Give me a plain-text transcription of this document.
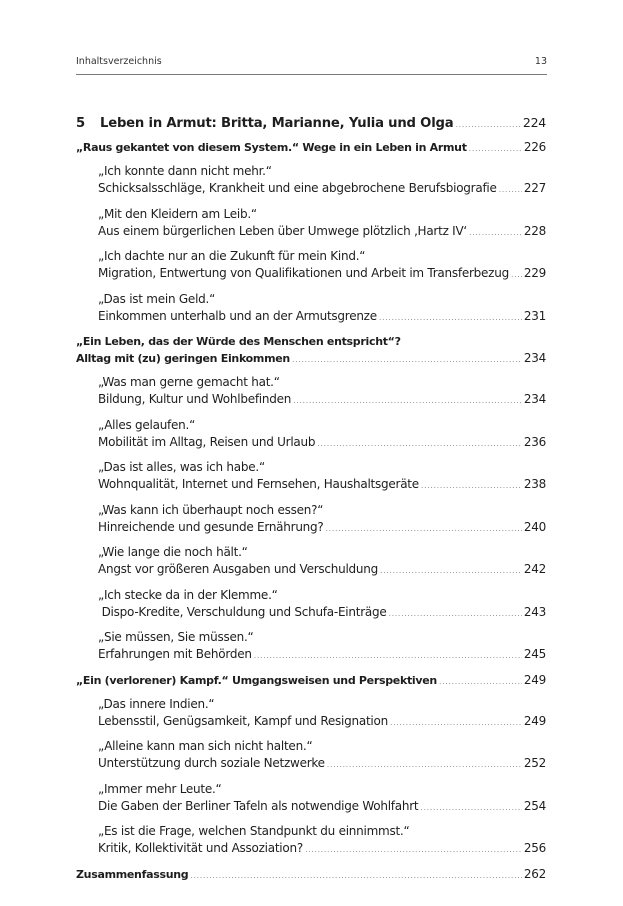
Inhaltsverzeichnis	13
5 Leben in Armut: Britta, Marianne, Yulia und Olga .....	224
„Raus gekantet von diesem System.“ Wege in ein Leben in Armut .....	226
„Ich konnte dann nicht mehr.“
Schicksalsschläge, Krankheit und eine abgebrochene Berufsbiografie ..... 227
„Mit den Kleidern am Leib.“
Aus einem bürgerlichen Leben über Umwege plötzlich ‚Hartz IV‘ .....	228
„Ich dachte nur an die Zukunft für mein Kind.“
Migration, Entwertung von Qualifikationen und Arbeit im Transferbezug ..... 229
„Das ist mein Geld.“
Einkommen unterhalb und an der Armutsgrenze .....	231
„Ein Leben, das der Würde des Menschen entspricht“?
Alltag mit (zu) geringen Einkommen .....	234
„Was man gerne gemacht hat.“
Bildung, Kultur und Wohlbefinden .....	234
„Alles gelaufen.“
Mobilität im Alltag, Reisen und Urlaub .....	236
„Das ist alles, was ich habe.“
Wohnqualität, Internet und Fernsehen, Haushaltsgeräte .....	238
„Was kann ich überhaupt noch essen?“
Hinreichende und gesunde Ernährung? .....	240
„Wie lange die noch hält.“
Angst vor größeren Ausgaben und Verschuldung .....	242
„Ich stecke da in der Klemme.“
Dispo-Kredite, Verschuldung und Schufa-Einträge .....	243
„Sie müssen, Sie müssen.“
Erfahrungen mit Behörden .....	245
„Ein (verlorener) Kampf.“ Umgangsweisen und Perspektiven .....	249
„Das innere Indien.“
Lebensstil, Genügsamkeit, Kampf und Resignation .....	249
„Alleine kann man sich nicht halten.“
Unterstützung durch soziale Netzwerke .....	252
„Immer mehr Leute.“
Die Gaben der Berliner Tafeln als notwendige Wohlfahrt .....	254
„Es ist die Frage, welchen Standpunkt du einnimmst.“
Kritik, Kollektivität und Assoziation? .....	256
Zusammenfassung .....	262
